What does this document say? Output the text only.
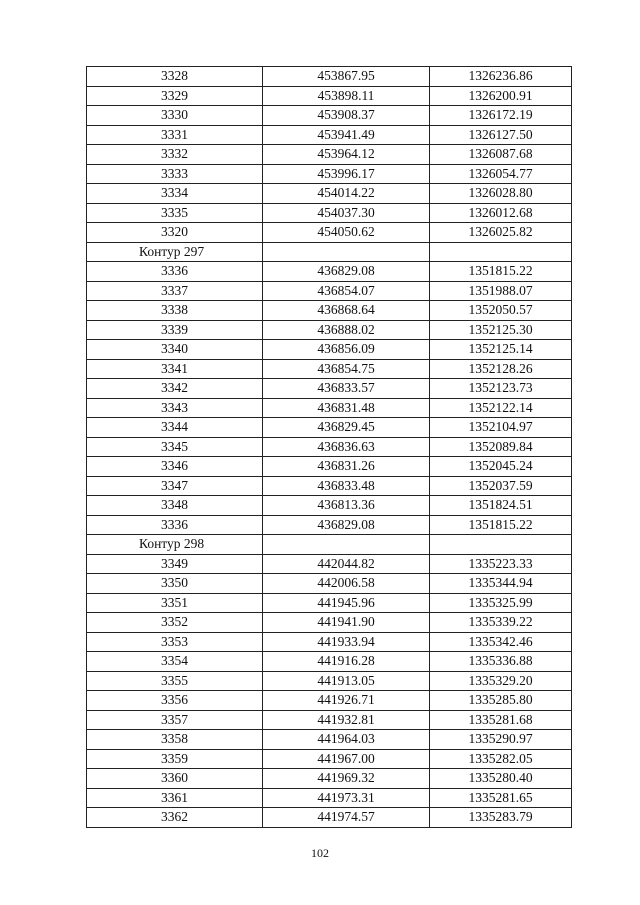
3328	453867.95	1326236.86
3329	453898.11	1326200.91
3330	453908.37	1326172.19
3331	453941.49	1326127.50
3332	453964.12	1326087.68
3333	453996.17	1326054.77
3334	454014.22	1326028.80
3335	454037.30	1326012.68
3320	454050.62	1326025.82
Контур 297		
3336	436829.08	1351815.22
3337	436854.07	1351988.07
3338	436868.64	1352050.57
3339	436888.02	1352125.30
3340	436856.09	1352125.14
3341	436854.75	1352128.26
3342	436833.57	1352123.73
3343	436831.48	1352122.14
3344	436829.45	1352104.97
3345	436836.63	1352089.84
3346	436831.26	1352045.24
3347	436833.48	1352037.59
3348	436813.36	1351824.51
3336	436829.08	1351815.22
Контур 298		
3349	442044.82	1335223.33
3350	442006.58	1335344.94
3351	441945.96	1335325.99
3352	441941.90	1335339.22
3353	441933.94	1335342.46
3354	441916.28	1335336.88
3355	441913.05	1335329.20
3356	441926.71	1335285.80
3357	441932.81	1335281.68
3358	441964.03	1335290.97
3359	441967.00	1335282.05
3360	441969.32	1335280.40
3361	441973.31	1335281.65
3362	441974.57	1335283.79
102
